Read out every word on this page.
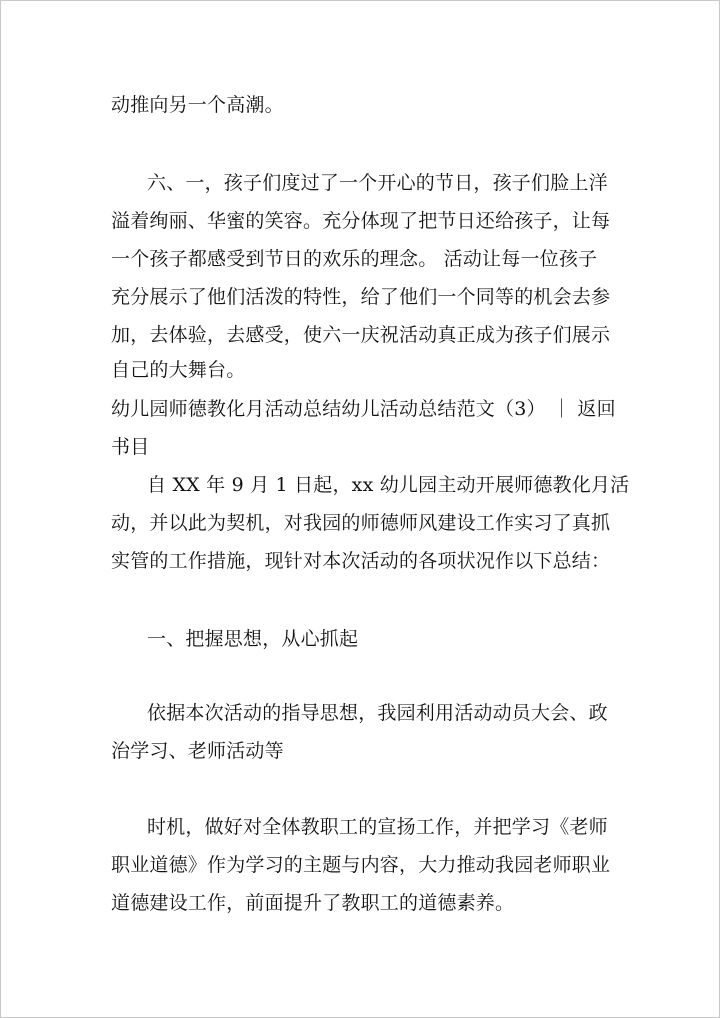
动推向另一个高潮。
六、一，孩子们度过了一个开心的节日，孩子们脸上洋
溢着绚丽、华蜜的笑容。充分体现了把节日还给孩子，让每
一个孩子都感受到节日的欢乐的理念。 活动让每一位孩子
充分展示了他们活泼的特性，给了他们一个同等的机会去参
加，去体验，去感受，使六一庆祝活动真正成为孩子们展示
自己的大舞台。
幼儿园师德教化月活动总结幼儿活动总结范文（3） ｜ 返回
书目
自 XX 年 9 月 1 日起，xx 幼儿园主动开展师德教化月活
动，并以此为契机，对我园的师德师风建设工作实习了真抓
实管的工作措施，现针对本次活动的各项状况作以下总结：
一、把握思想，从心抓起
依据本次活动的指导思想，我园利用活动动员大会、政
治学习、老师活动等
时机，做好对全体教职工的宣扬工作，并把学习《老师
职业道德》作为学习的主题与内容，大力推动我园老师职业
道德建设工作，前面提升了教职工的道德素养。
